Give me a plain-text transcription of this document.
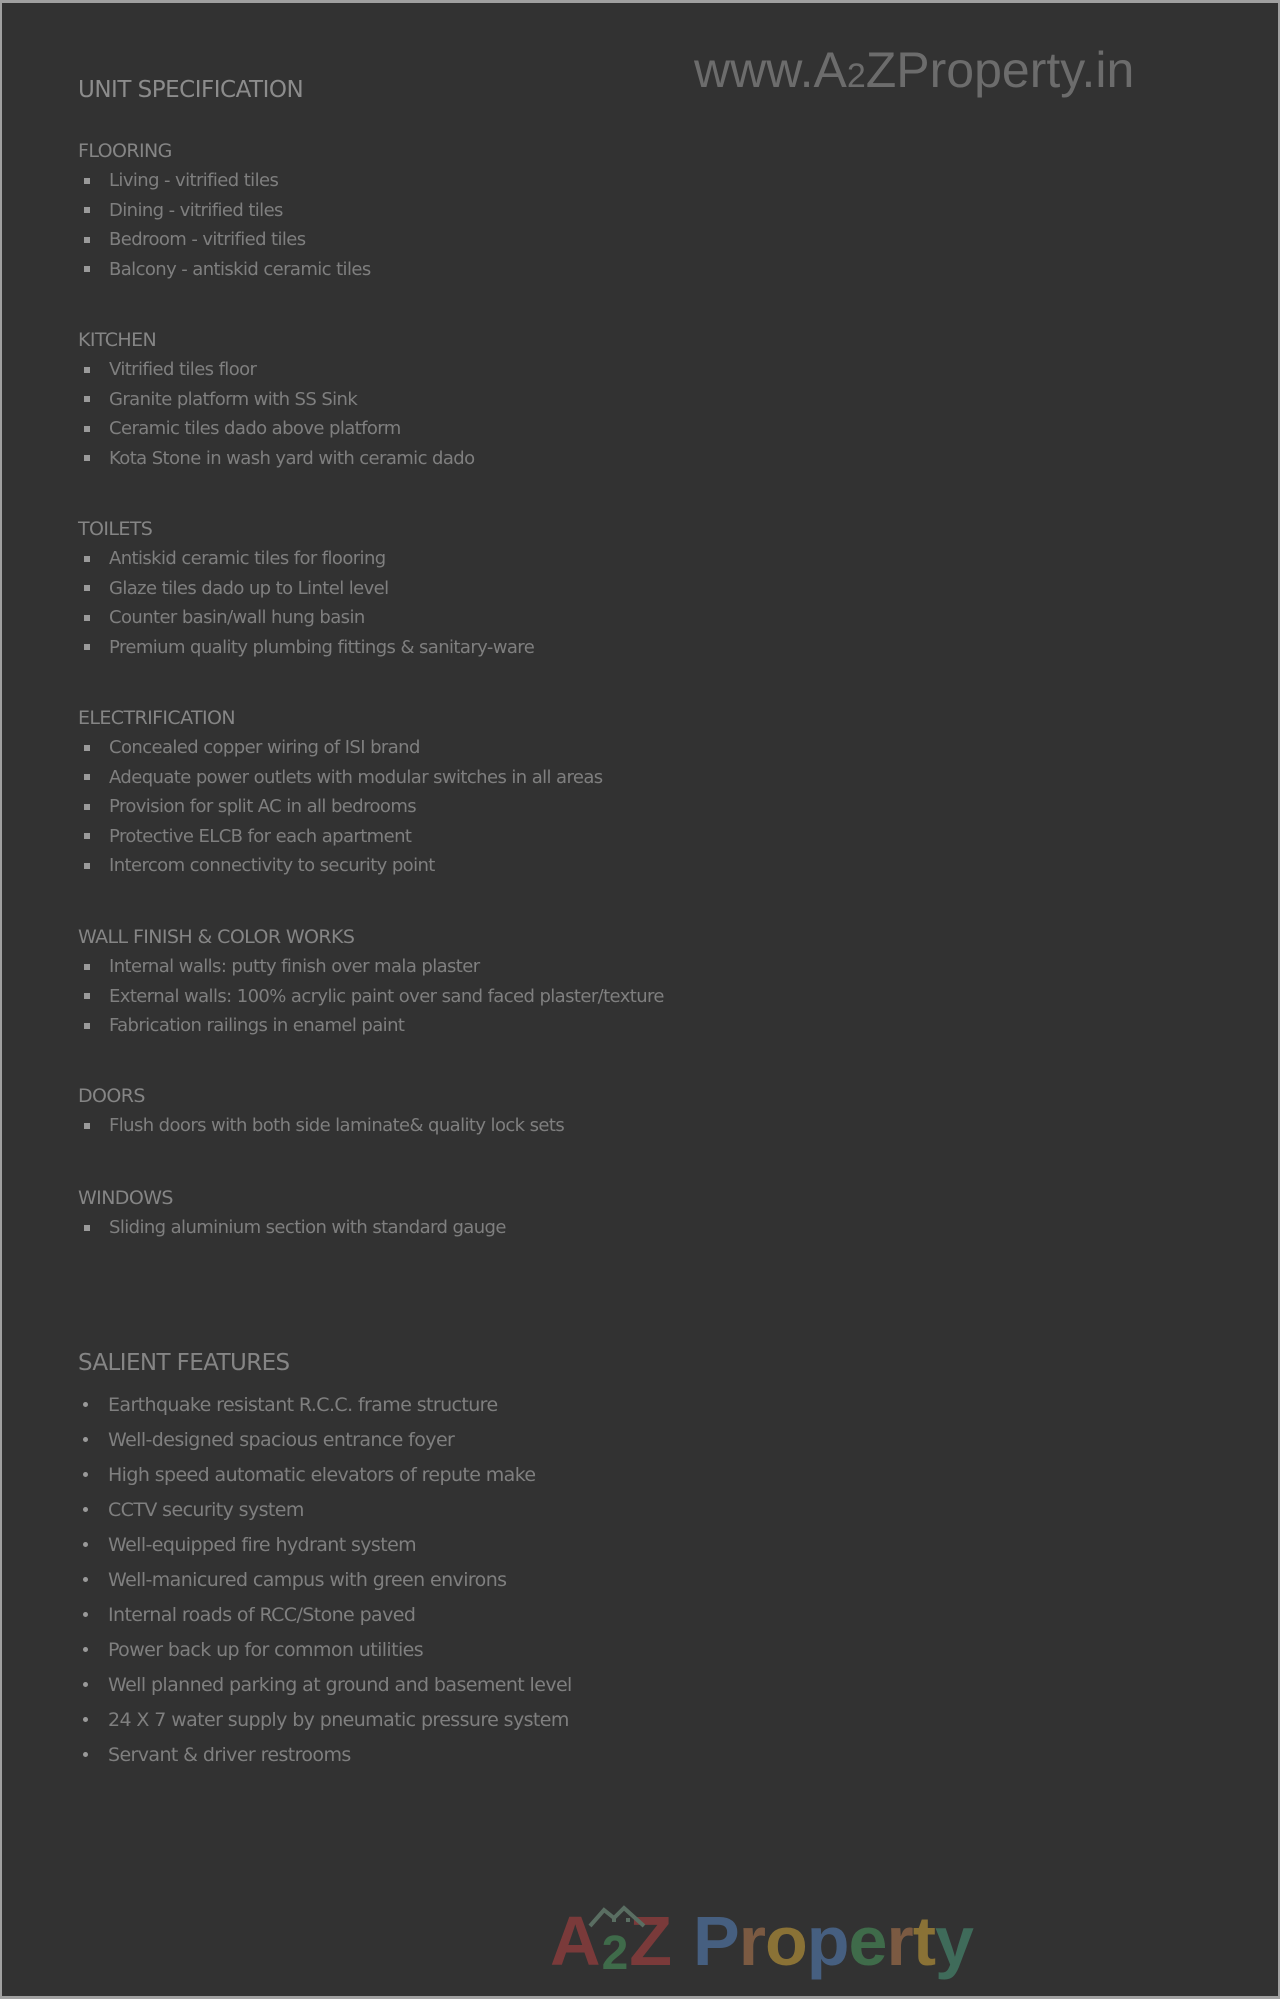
www.A2ZProperty.in
UNIT SPECIFICATION
FLOORING
Living - vitrified tiles
Dining - vitrified tiles
Bedroom - vitrified tiles
Balcony - antiskid ceramic tiles
KITCHEN
Vitrified tiles floor
Granite platform with SS Sink
Ceramic tiles dado above platform
Kota Stone in wash yard with ceramic dado
TOILETS
Antiskid ceramic tiles for flooring
Glaze tiles dado up to Lintel level
Counter basin/wall hung basin
Premium quality plumbing fittings & sanitary-ware
ELECTRIFICATION
Concealed copper wiring of ISI brand
Adequate power outlets with modular switches in all areas
Provision for split AC in all bedrooms
Protective ELCB for each apartment
Intercom connectivity to security point
WALL FINISH & COLOR WORKS
Internal walls: putty finish over mala plaster
External walls: 100% acrylic paint over sand faced plaster/texture
Fabrication railings in enamel paint
DOORS
Flush doors with both side laminate& quality lock sets
WINDOWS
Sliding aluminium section with standard gauge
SALIENT FEATURES
Earthquake resistant R.C.C. frame structure
Well-designed spacious entrance foyer
High speed automatic elevators of repute make
CCTV security system
Well-equipped fire hydrant system
Well-manicured campus with green environs
Internal roads of RCC/Stone paved
Power back up for common utilities
Well planned parking at ground and basement level
24 X 7 water supply by pneumatic pressure system
Servant & driver restrooms
A 2 Z P r o p e r t y
